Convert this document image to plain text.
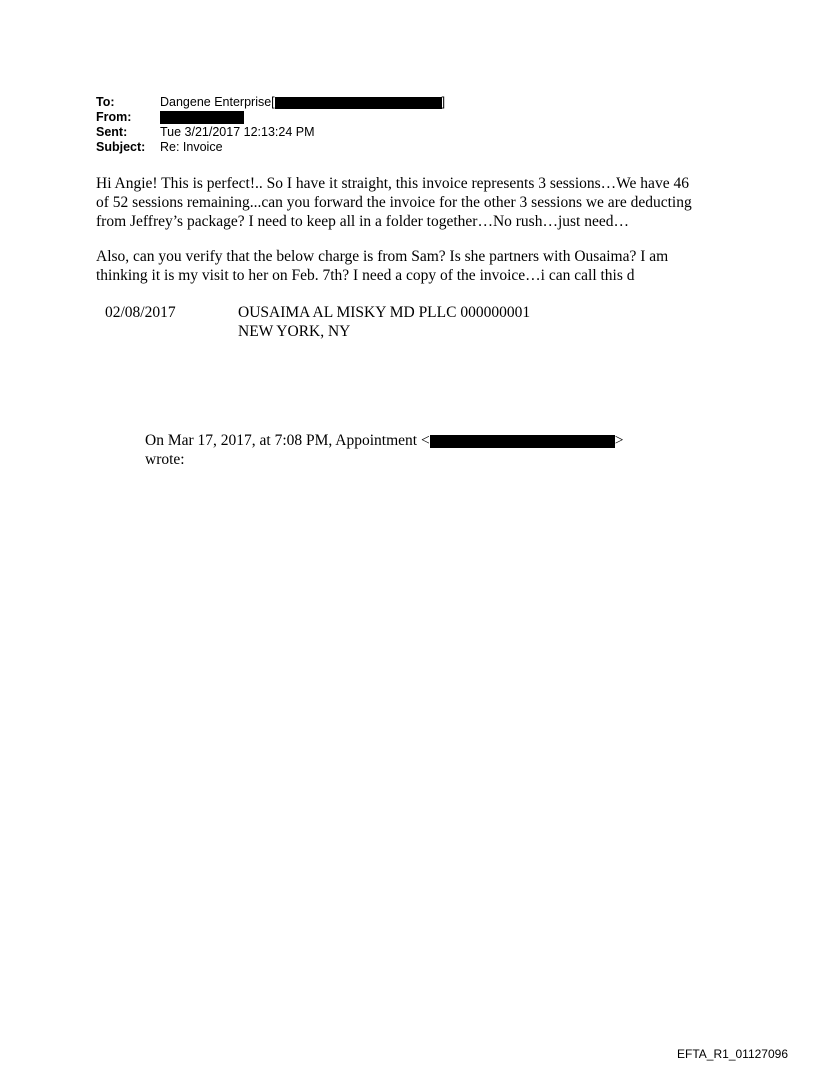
To:	Dangene Enterprise[	]
From:
Sent:	Tue 3/21/2017 12:13:24 PM
Subject:	Re: Invoice
Hi Angie! This is perfect!.. So I have it straight, this invoice represents 3 sessions…We have 46
of 52 sessions remaining...can you forward the invoice for the other 3 sessions we are deducting
from Jeffrey’s package? I need to keep all in a folder together…No rush…just need…
Also, can you verify that the below charge is from Sam? Is she partners with Ousaima? I am
thinking it is my visit to her on Feb. 7th? I need a copy of the invoice…i can call this d
02/08/2017	OUSAIMA AL MISKY MD PLLC 000000001
NEW YORK, NY
On Mar 17, 2017, at 7:08 PM, Appointment <	>
wrote:
EFTA_R1_01127096
